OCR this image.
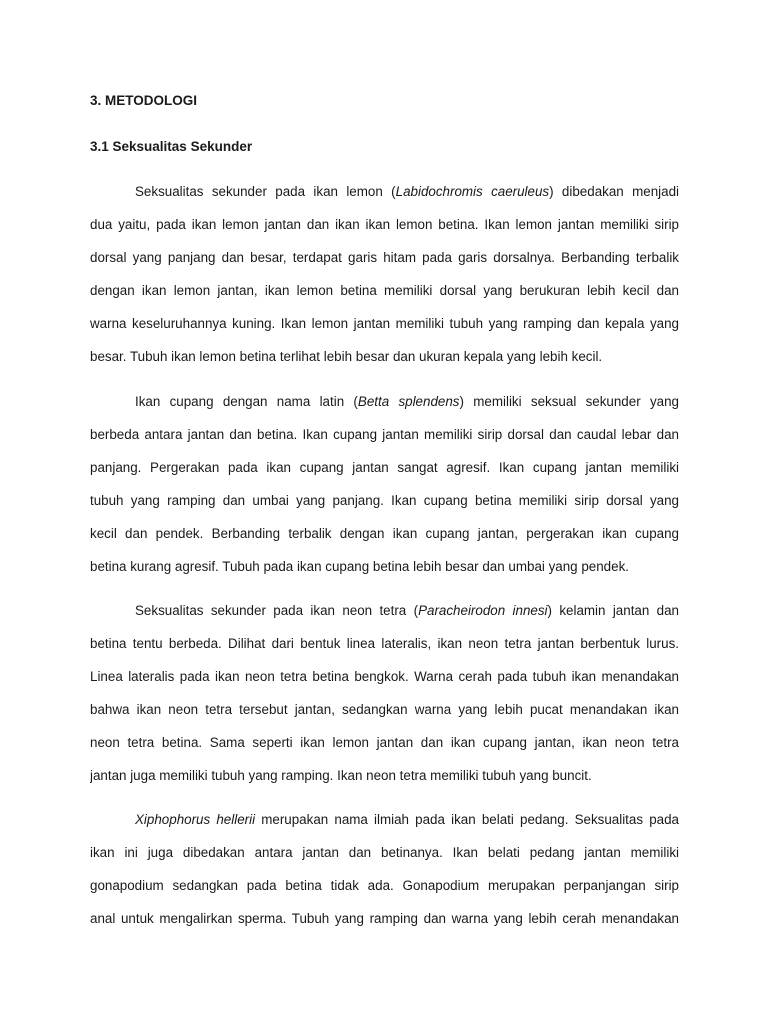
3. METODOLOGI
3.1 Seksualitas Sekunder
Seksualitas sekunder pada ikan lemon (Labidochromis caeruleus) dibedakan menjadi
dua yaitu, pada ikan lemon jantan dan ikan ikan lemon betina. Ikan lemon jantan memiliki sirip
dorsal yang panjang dan besar, terdapat garis hitam pada garis dorsalnya. Berbanding terbalik
dengan ikan lemon jantan, ikan lemon betina memiliki dorsal yang berukuran lebih kecil dan
warna keseluruhannya kuning. Ikan lemon jantan memiliki tubuh yang ramping dan kepala yang
besar. Tubuh ikan lemon betina terlihat lebih besar dan ukuran kepala yang lebih kecil.
Ikan cupang dengan nama latin (Betta splendens) memiliki seksual sekunder yang
berbeda antara jantan dan betina. Ikan cupang jantan memiliki sirip dorsal dan caudal lebar dan
panjang. Pergerakan pada ikan cupang jantan sangat agresif. Ikan cupang jantan memiliki
tubuh yang ramping dan umbai yang panjang. Ikan cupang betina memiliki sirip dorsal yang
kecil dan pendek. Berbanding terbalik dengan ikan cupang jantan, pergerakan ikan cupang
betina kurang agresif. Tubuh pada ikan cupang betina lebih besar dan umbai yang pendek.
Seksualitas sekunder pada ikan neon tetra (Paracheirodon innesi) kelamin jantan dan
betina tentu berbeda. Dilihat dari bentuk linea lateralis, ikan neon tetra jantan berbentuk lurus.
Linea lateralis pada ikan neon tetra betina bengkok. Warna cerah pada tubuh ikan menandakan
bahwa ikan neon tetra tersebut jantan, sedangkan warna yang lebih pucat menandakan ikan
neon tetra betina. Sama seperti ikan lemon jantan dan ikan cupang jantan, ikan neon tetra
jantan juga memiliki tubuh yang ramping. Ikan neon tetra memiliki tubuh yang buncit.
Xiphophorus hellerii merupakan nama ilmiah pada ikan belati pedang. Seksualitas pada
ikan ini juga dibedakan antara jantan dan betinanya. Ikan belati pedang jantan memiliki
gonapodium sedangkan pada betina tidak ada. Gonapodium merupakan perpanjangan sirip
anal untuk mengalirkan sperma. Tubuh yang ramping dan warna yang lebih cerah menandakan
